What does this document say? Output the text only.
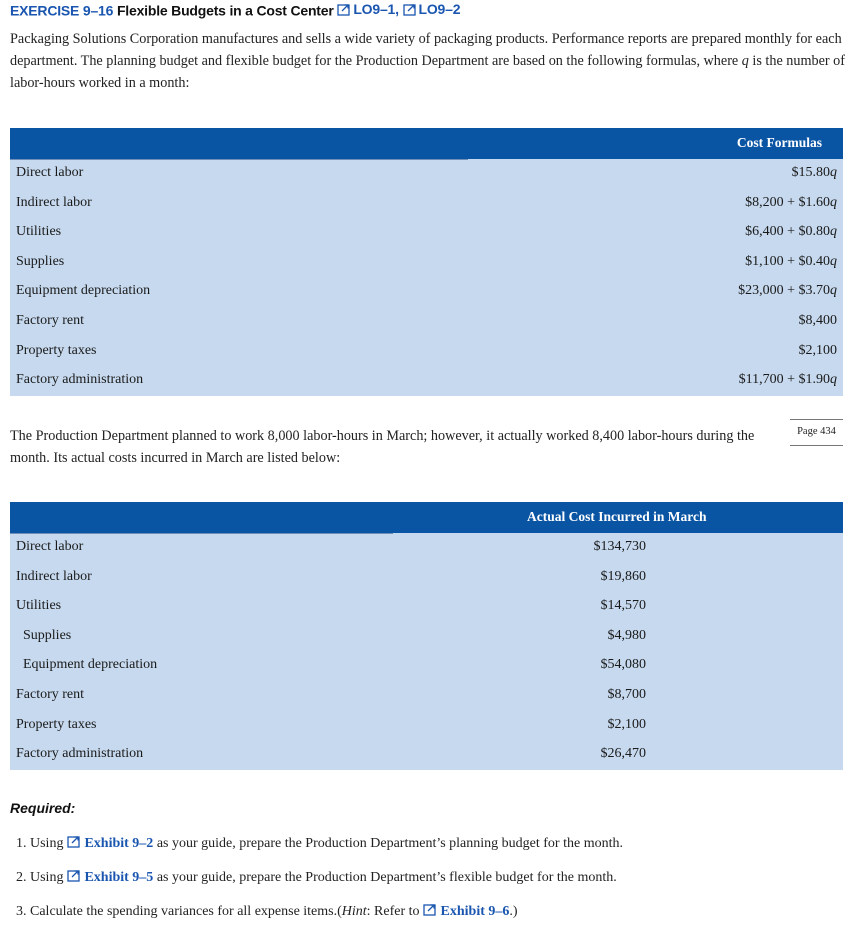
EXERCISE 9–16 Flexible Budgets in a Cost Center LO9–1,
LO9–2
Packaging Solutions Corporation manufactures and sells a wide variety of packaging products. Performance reports are prepared monthly for each department. The planning budget and flexible budget for the Production Department are based on the following formulas, where q is the number of labor-hours worked in a month:
Cost Formulas
Direct labor	$15.80q
Indirect labor	$8,200 + $1.60q
Utilities	$6,400 + $0.80q
Supplies	$1,100 + $0.40q
Equipment depreciation	$23,000 + $3.70q
Factory rent	$8,400
Property taxes	$2,100
Factory administration	$11,700 + $1.90q
The Production Department planned to work 8,000 labor-hours in March; however, it actually worked 8,400 labor-hours during the month. Its actual costs incurred in March are listed below:
Page 434
Actual Cost Incurred in March
Direct labor	$134,730
Indirect labor	$19,860
Utilities	$14,570
Supplies	$4,980
Equipment depreciation	$54,080
Factory rent	$8,700
Property taxes	$2,100
Factory administration	$26,470
Required:
1. Using Exhibit 9–2 as your guide, prepare the Production Department’s planning budget for the month.
2. Using Exhibit 9–5 as your guide, prepare the Production Department’s flexible budget for the month.
3. Calculate the spending variances for all expense items.(Hint: Refer to Exhibit 9–6.)
